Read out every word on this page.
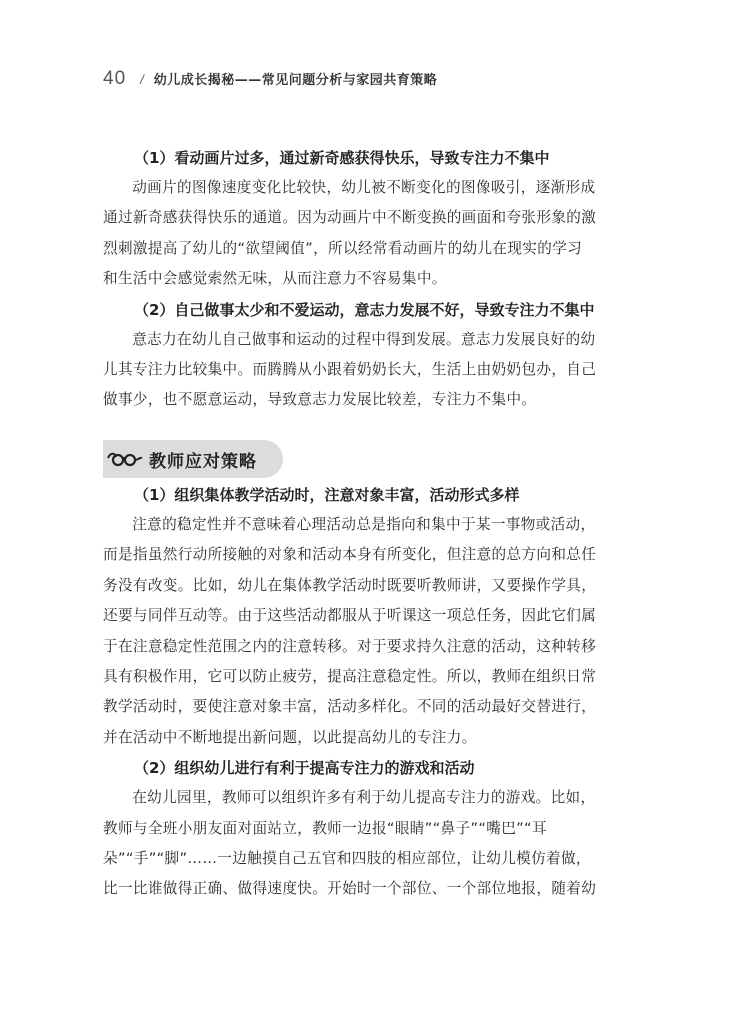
40 / 幼儿成长揭秘——常见问题分析与家园共育策略
（1）看动画片过多，通过新奇感获得快乐，导致专注力不集中

动画片的图像速度变化比较快，幼儿被不断变化的图像吸引，逐渐形成
通过新奇感获得快乐的通道。因为动画片中不断变换的画面和夸张形象的激
烈刺激提高了幼儿的“欲望阈值”，所以经常看动画片的幼儿在现实的学习
和生活中会感觉索然无味，从而注意力不容易集中。

（2）自己做事太少和不爱运动，意志力发展不好，导致专注力不集中

意志力在幼儿自己做事和运动的过程中得到发展。意志力发展良好的幼
儿其专注力比较集中。而腾腾从小跟着奶奶长大，生活上由奶奶包办，自己
做事少，也不愿意运动，导致意志力发展比较差，专注力不集中。

教师应对策略
（1）组织集体教学活动时，注意对象丰富，活动形式多样

注意的稳定性并不意味着心理活动总是指向和集中于某一事物或活动，
而是指虽然行动所接触的对象和活动本身有所变化，但注意的总方向和总任
务没有改变。比如，幼儿在集体教学活动时既要听教师讲，又要操作学具，
还要与同伴互动等。由于这些活动都服从于听课这一项总任务，因此它们属
于在注意稳定性范围之内的注意转移。对于要求持久注意的活动，这种转移
具有积极作用，它可以防止疲劳，提高注意稳定性。所以，教师在组织日常
教学活动时，要使注意对象丰富，活动多样化。不同的活动最好交替进行，
并在活动中不断地提出新问题，以此提高幼儿的专注力。

（2）组织幼儿进行有利于提高专注力的游戏和活动

在幼儿园里，教师可以组织许多有利于幼儿提高专注力的游戏。比如，
教师与全班小朋友面对面站立，教师一边报“眼睛”“鼻子”“嘴巴”“耳
朵”“手”“脚”……一边触摸自己五官和四肢的相应部位，让幼儿模仿着做，
比一比谁做得正确、做得速度快。开始时一个部位、一个部位地报，随着幼
